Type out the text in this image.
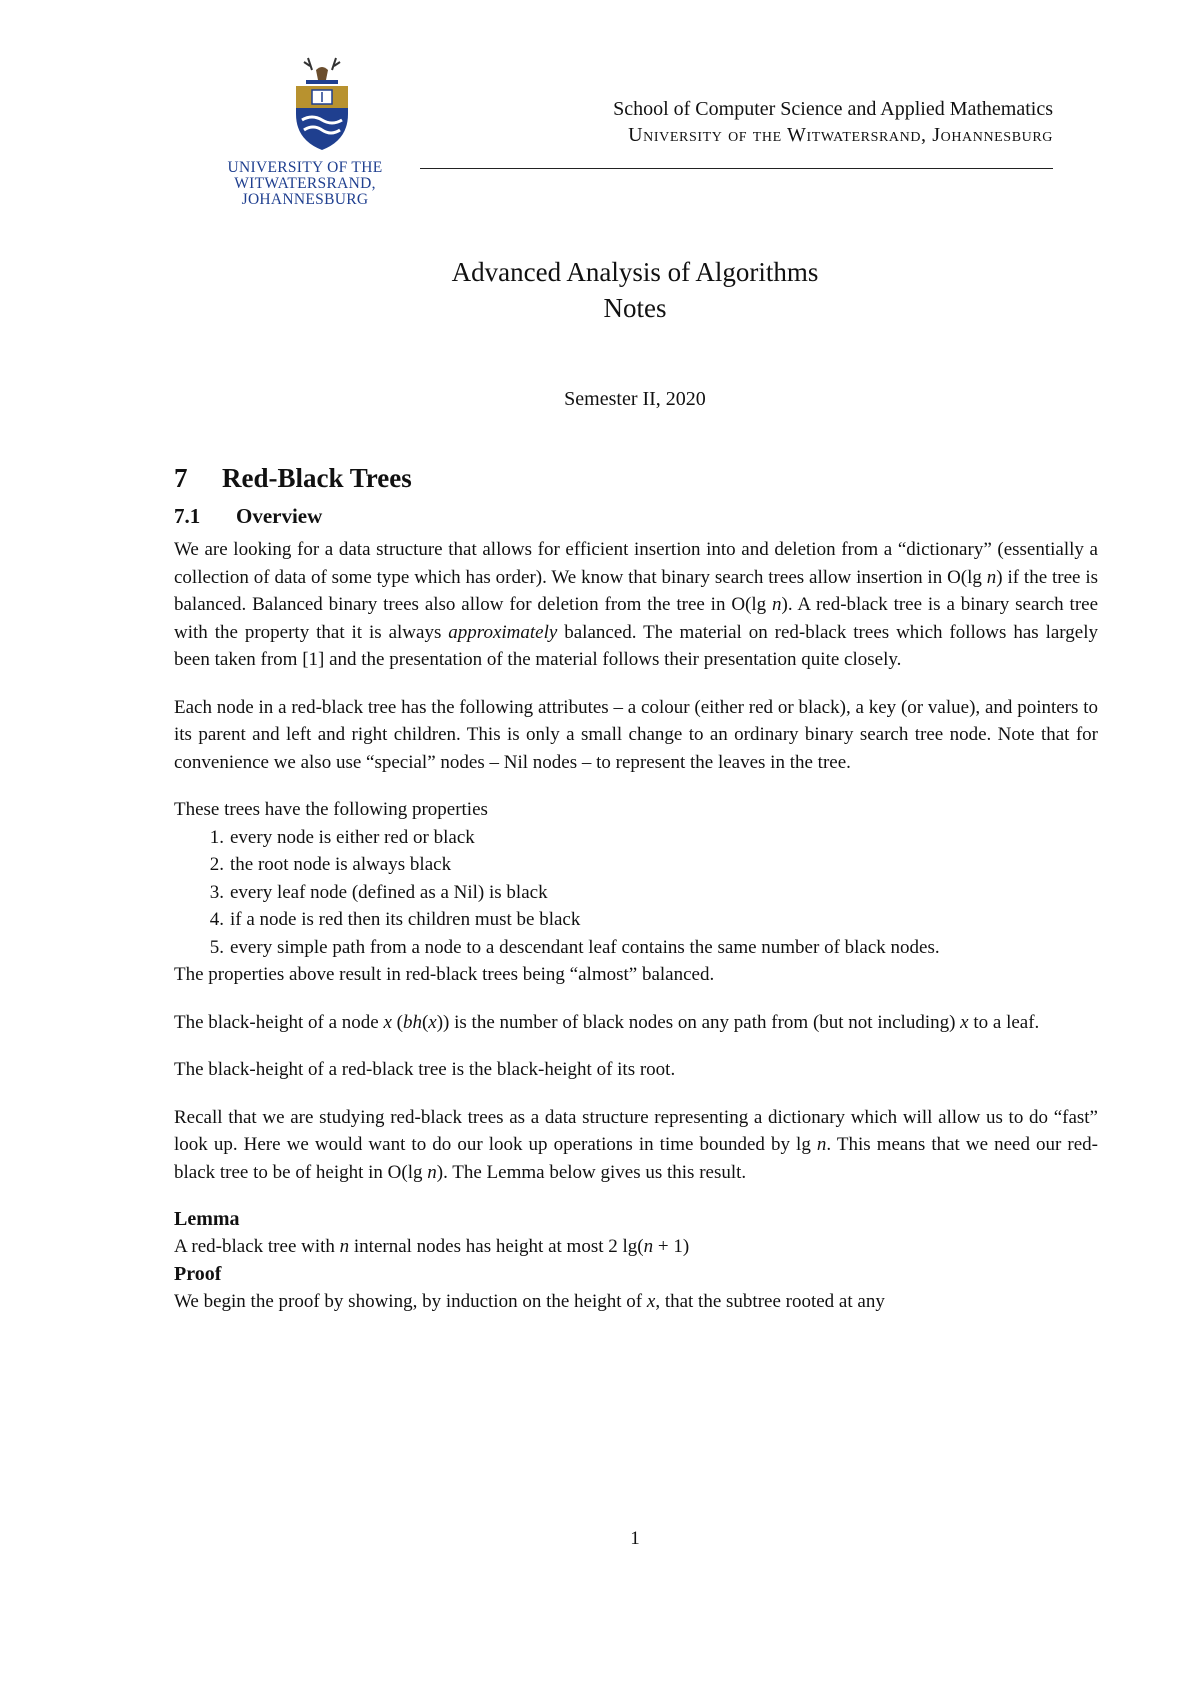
UNIVERSITY OF THE
WITWATERSRAND,
JOHANNESBURG
School of Computer Science and Applied Mathematics
University of the Witwatersrand, Johannesburg
Advanced Analysis of Algorithms
Notes
Semester II, 2020
7 Red-Black Trees
7.1 Overview

We are looking for a data structure that allows for efficient insertion into and deletion from a “dictionary” (essentially a collection of data of some type which has order). We know that binary search trees allow insertion in O(lg n) if the tree is balanced. Balanced binary trees also allow for deletion from the tree in O(lg n). A red-black tree is a binary search tree with the property that it is always approximately balanced. The material on red-black trees which follows has largely been taken from [1] and the presentation of the material follows their presentation quite closely.

Each node in a red-black tree has the following attributes – a colour (either red or black), a key (or value), and pointers to its parent and left and right children. This is only a small change to an ordinary binary search tree node. Note that for convenience we also use “special” nodes – Nil nodes – to represent the leaves in the tree.

These trees have the following properties

1. every node is either red or black
2. the root node is always black
3. every leaf node (defined as a Nil) is black
4. if a node is red then its children must be black
5. every simple path from a node to a descendant leaf contains the same number of black nodes.

The properties above result in red-black trees being “almost” balanced.

The black-height of a node x (bh(x)) is the number of black nodes on any path from (but not including) x to a leaf.

The black-height of a red-black tree is the black-height of its root.

Recall that we are studying red-black trees as a data structure representing a dictionary which will allow us to do “fast” look up. Here we would want to do our look up operations in time bounded by lg n. This means that we need our red-black tree to be of height in O(lg n). The Lemma below gives us this result.

Lemma
A red-black tree with n internal nodes has height at most 2 lg(n + 1)
Proof
We begin the proof by showing, by induction on the height of x, that the subtree rooted at any
1
